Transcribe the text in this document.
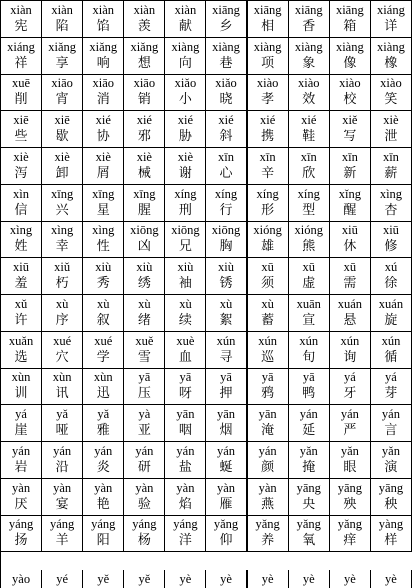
xiàn
宪
xiàn
陷
xiàn
馅
xiàn
羡
xiàn
献
xiāng
乡
xiāng
相
xiāng
香
xiāng
箱
xiáng
详
xiáng
祥
xiǎng
享
xiǎng
响
xiǎng
想
xiàng
向
xiàng
巷
xiàng
项
xiàng
象
xiàng
像
xiàng
橡
xuē
削
xiāo
宵
xiāo
消
xiāo
销
xiǎo
小
xiǎo
晓
xiào
孝
xiào
效
xiào
校
xiào
笑
xiē
些
xiē
歇
xié
协
xié
邪
xié
胁
xié
斜
xié
携
xié
鞋
xiě
写
xiè
泄
xiè
泻
xiè
卸
xiè
屑
xiè
械
xiè
谢
xīn
心
xīn
辛
xīn
欣
xīn
新
xīn
薪
xìn
信
xīng
兴
xīng
星
xīng
腥
xíng
刑
xíng
行
xíng
形
xíng
型
xǐng
醒
xìng
杏
xìng
姓
xìng
幸
xìng
性
xiōng
凶
xiōng
兄
xiōng
胸
xióng
雄
xióng
熊
xiū
休
xiū
修
xiū
羞
xiǔ
朽
xiù
秀
xiù
绣
xiù
袖
xiù
锈
xū
须
xū
虚
xū
需
xú
徐
xǔ
许
xù
序
xù
叙
xù
绪
xù
续
xù
絮
xù
蓄
xuān
宣
xuán
悬
xuán
旋
xuǎn
选
xué
穴
xué
学
xuě
雪
xuè
血
xún
寻
xún
巡
xún
旬
xún
询
xún
循
xùn
训
xùn
讯
xùn
迅
yā
压
yā
呀
yā
押
yā
鸦
yā
鸭
yá
牙
yá
芽
yá
崖
yǎ
哑
yǎ
雅
yà
亚
yān
咽
yān
烟
yān
淹
yán
延
yán
严
yán
言
yán
岩
yán
沿
yán
炎
yán
研
yán
盐
yán
蜒
yán
颜
yǎn
掩
yǎn
眼
yǎn
演
yàn
厌
yàn
宴
yàn
艳
yàn
验
yàn
焰
yàn
雁
yàn
燕
yāng
央
yāng
殃
yāng
秧
yáng
扬
yáng
羊
yáng
阳
yáng
杨
yáng
洋
yǎng
仰
yǎng
养
yǎng
氧
yǎng
痒
yàng
样
yào yé yě yě yè yè yè yè yè yè
